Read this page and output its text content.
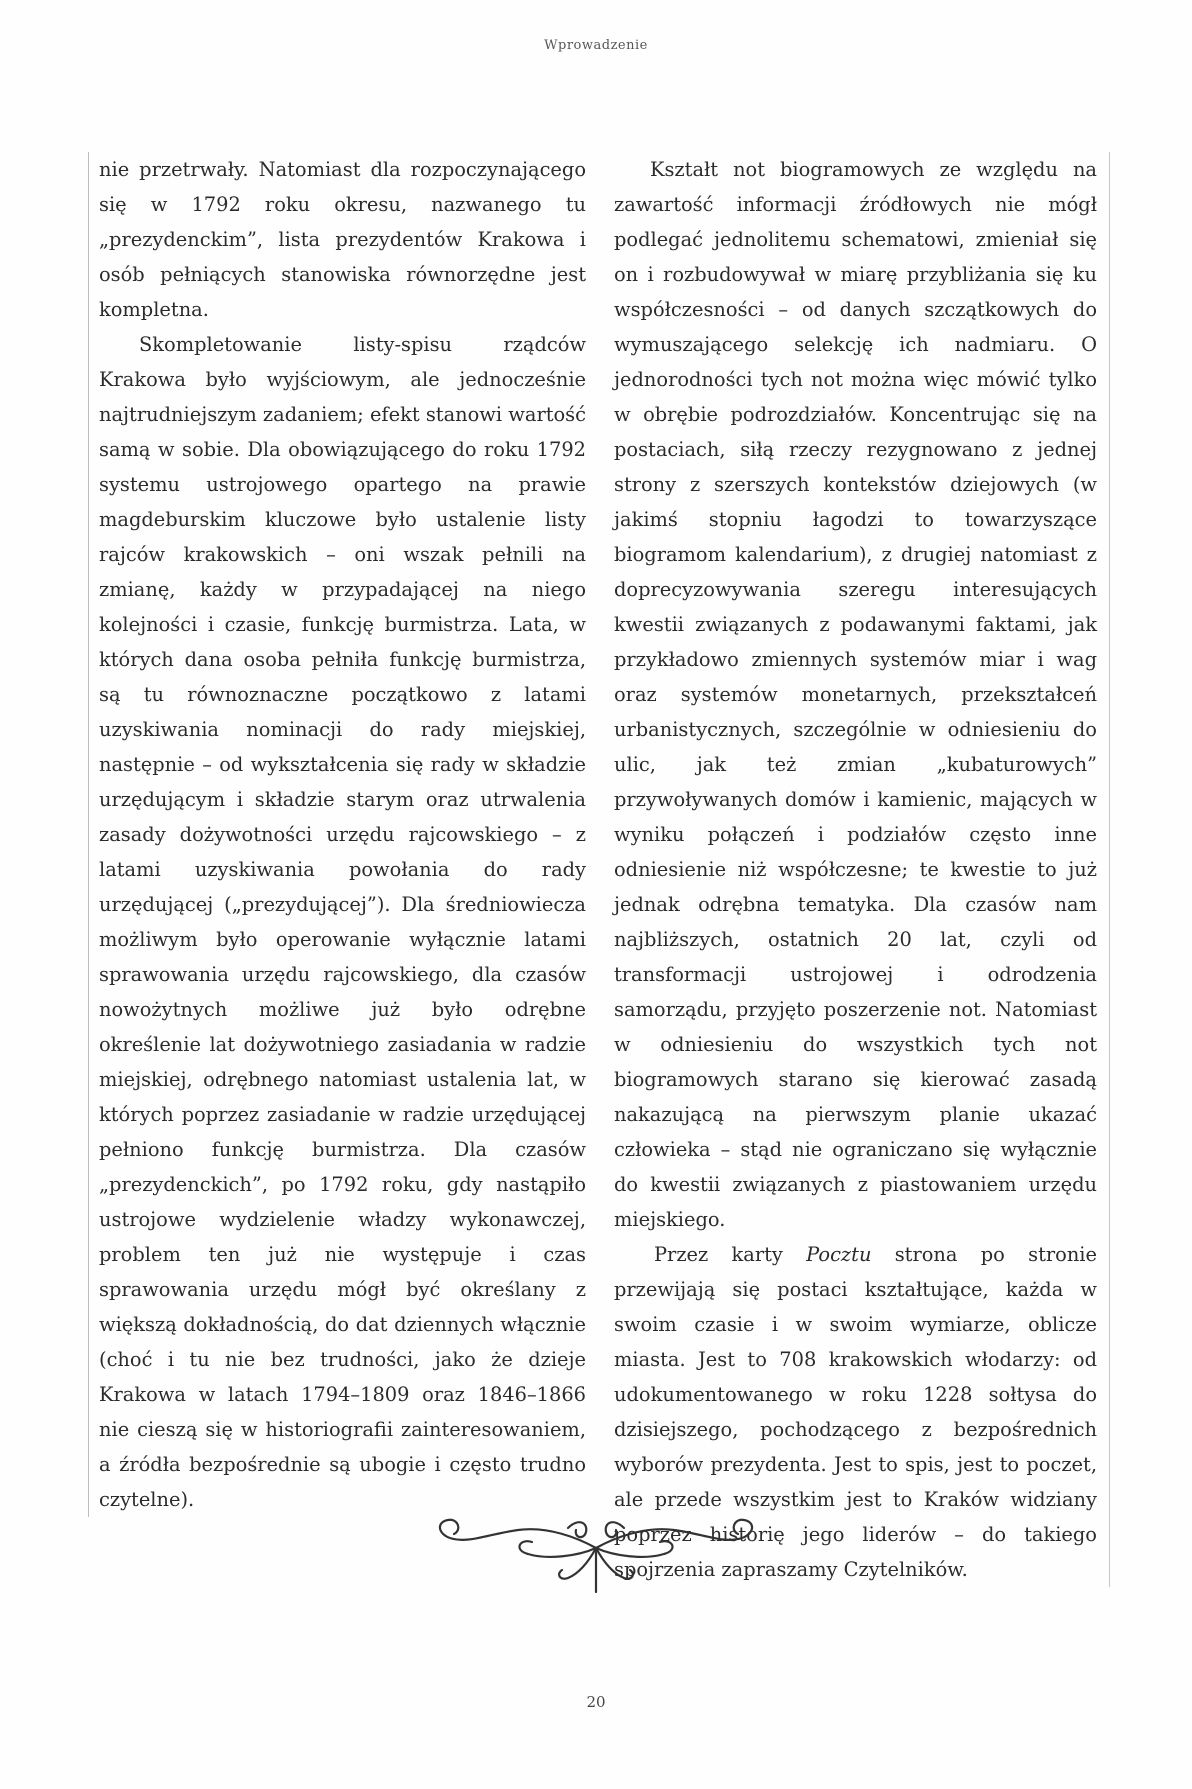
Wprowadzenie

nie przetrwały. Natomiast dla rozpoczynającego się w 1792 roku okresu, nazwanego tu „prezydenckim”, lista prezydentów Krakowa i osób pełniących stanowiska równorzędne jest kompletna.

Skompletowanie listy-spisu rządców Krakowa było wyjściowym, ale jednocześnie najtrudniejszym zadaniem; efekt stanowi wartość samą w sobie. Dla obowiązującego do roku 1792 systemu ustrojowego opartego na prawie magdeburskim kluczowe było ustalenie listy rajców krakowskich – oni wszak pełnili na zmianę, każdy w przypadającej na niego kolejności i czasie, funkcję burmistrza. Lata, w których dana osoba pełniła funkcję burmistrza, są tu równoznaczne początkowo z latami uzyskiwania nominacji do rady miejskiej, następnie – od wykształcenia się rady w składzie urzędującym i składzie starym oraz utrwalenia zasady dożywotności urzędu rajcowskiego – z latami uzyskiwania powołania do rady urzędującej („prezydującej”). Dla średniowiecza możliwym było operowanie wyłącznie latami sprawowania urzędu rajcowskiego, dla czasów nowożytnych możliwe już było odrębne określenie lat dożywotniego zasiadania w radzie miejskiej, odrębnego natomiast ustalenia lat, w których poprzez zasiadanie w radzie urzędującej pełniono funkcję burmistrza. Dla czasów „prezydenckich”, po 1792 roku, gdy nastąpiło ustrojowe wydzielenie władzy wykonawczej, problem ten już nie występuje i czas sprawowania urzędu mógł być określany z większą dokładnością, do dat dziennych włącznie (choć i tu nie bez trudności, jako że dzieje Krakowa w latach 1794–1809 oraz 1846–1866 nie cieszą się w historiografii zainteresowaniem, a źródła bezpośrednie są ubogie i często trudno czytelne).

Kształt not biogramowych ze względu na zawartość informacji źródłowych nie mógł podlegać jednolitemu schematowi, zmieniał się on i rozbudowywał w miarę przybliżania się ku współczesności – od danych szczątkowych do wymuszającego selekcję ich nadmiaru. O jednorodności tych not można więc mówić tylko w obrębie podrozdziałów. Koncentrując się na postaciach, siłą rzeczy rezygnowano z jednej strony z szerszych kontekstów dziejowych (w jakimś stopniu łagodzi to towarzyszące biogramom kalendarium), z drugiej natomiast z doprecyzowywania szeregu interesujących kwestii związanych z podawanymi faktami, jak przykładowo zmiennych systemów miar i wag oraz systemów monetarnych, przekształceń urbanistycznych, szczególnie w odniesieniu do ulic, jak też zmian „kubaturowych” przywoływanych domów i kamienic, mających w wyniku połączeń i podziałów często inne odniesienie niż współczesne; te kwestie to już jednak odrębna tematyka. Dla czasów nam najbliższych, ostatnich 20 lat, czyli od transformacji ustrojowej i odrodzenia samorządu, przyjęto poszerzenie not. Natomiast w odniesieniu do wszystkich tych not biogramowych starano się kierować zasadą nakazującą na pierwszym planie ukazać człowieka – stąd nie ograniczano się wyłącznie do kwestii związanych z piastowaniem urzędu miejskiego.

Przez karty Pocztu strona po stronie przewijają się postaci kształtujące, każda w swoim czasie i w swoim wymiarze, oblicze miasta. Jest to 708 krakowskich włodarzy: od udokumentowanego w roku 1228 sołtysa do dzisiejszego, pochodzącego z bezpośrednich wyborów prezydenta. Jest to spis, jest to poczet, ale przede wszystkim jest to Kraków widziany poprzez historię jego liderów – do takiego spojrzenia zapraszamy Czytelników.

20
